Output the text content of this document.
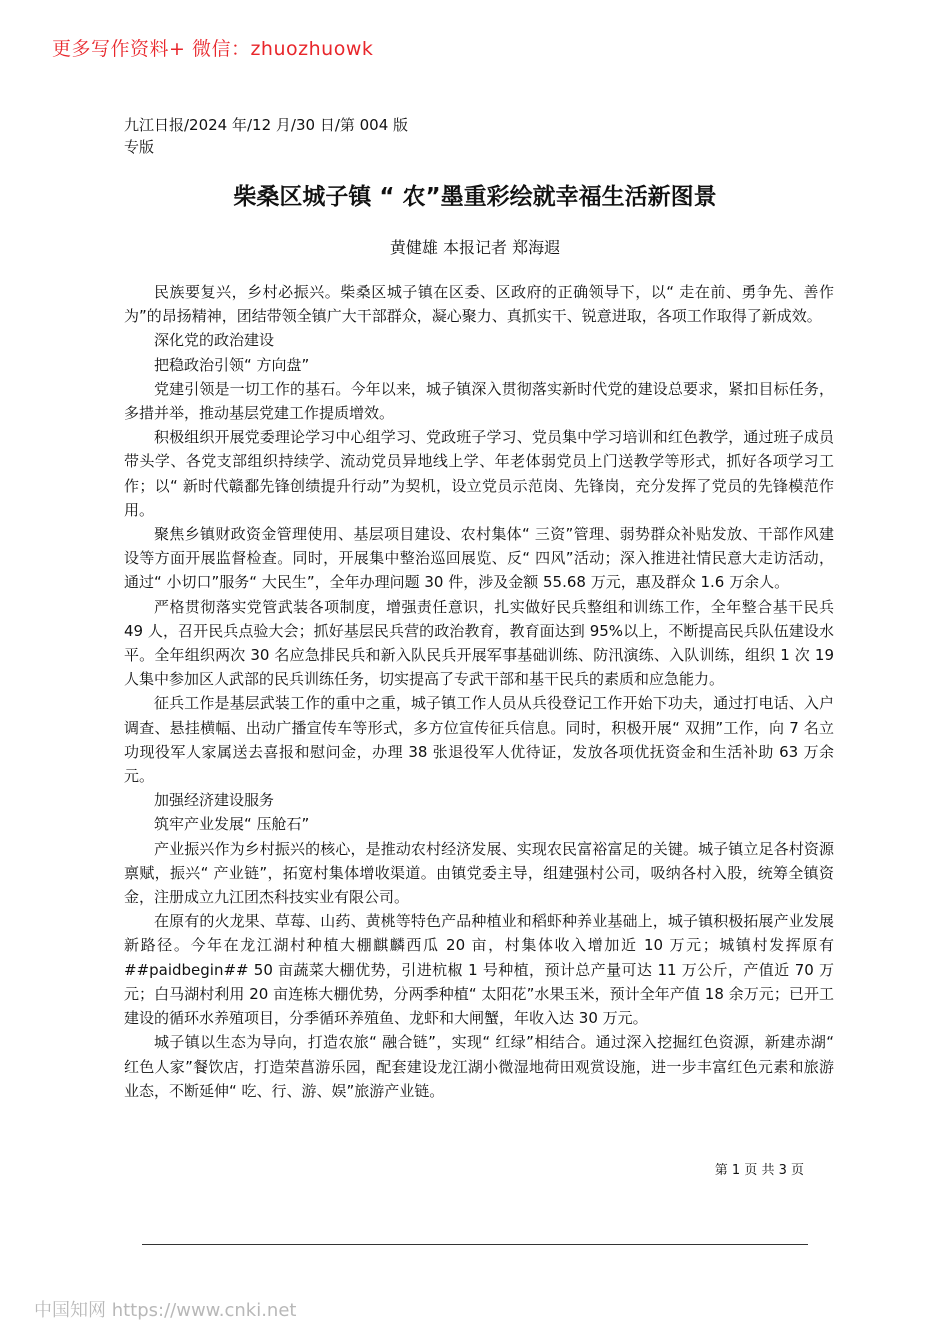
更多写作资料+ 微信：zhuozhuowk

九江日报/2024 年/12 月/30 日/第 004 版专版

柴桑区城子镇 “ 农”墨重彩绘就幸福生活新图景

黄健雄 本报记者 郑海遐

民族要复兴，乡村必振兴。柴桑区城子镇在区委、区政府的正确领导下，以“ 走在前、勇争先、善作为”的昂扬精神，团结带领全镇广大干部群众，凝心聚力、真抓实干、锐意进取，各项工作取得了新成效。

深化党的政治建设

把稳政治引领“ 方向盘”

党建引领是一切工作的基石。今年以来，城子镇深入贯彻落实新时代党的建设总要求，紧扣目标任务，多措并举，推动基层党建工作提质增效。

积极组织开展党委理论学习中心组学习、党政班子学习、党员集中学习培训和红色教学，通过班子成员带头学、各党支部组织持续学、流动党员异地线上学、年老体弱党员上门送教学等形式，抓好各项学习工作；以“ 新时代赣鄱先锋创绩提升行动”为契机，设立党员示范岗、先锋岗，充分发挥了党员的先锋模范作用。

聚焦乡镇财政资金管理使用、基层项目建设、农村集体“ 三资”管理、弱势群众补贴发放、干部作风建设等方面开展监督检查。同时，开展集中整治巡回展览、反“ 四风”活动；深入推进社情民意大走访活动，通过“ 小切口”服务“ 大民生”，全年办理问题 30 件，涉及金额 55.68 万元，惠及群众 1.6 万余人。

严格贯彻落实党管武装各项制度，增强责任意识，扎实做好民兵整组和训练工作，全年整合基干民兵 49 人，召开民兵点验大会；抓好基层民兵营的政治教育，教育面达到 95%以上，不断提高民兵队伍建设水平。全年组织两次 30 名应急排民兵和新入队民兵开展军事基础训练、防汛演练、入队训练，组织 1 次 19 人集中参加区人武部的民兵训练任务，切实提高了专武干部和基干民兵的素质和应急能力。

征兵工作是基层武装工作的重中之重，城子镇工作人员从兵役登记工作开始下功夫，通过打电话、入户调查、悬挂横幅、出动广播宣传车等形式，多方位宣传征兵信息。同时，积极开展“ 双拥”工作，向 7 名立功现役军人家属送去喜报和慰问金，办理 38 张退役军人优待证，发放各项优抚资金和生活补助 63 万余元。

加强经济建设服务

筑牢产业发展“ 压舱石”

产业振兴作为乡村振兴的核心，是推动农村经济发展、实现农民富裕富足的关键。城子镇立足各村资源禀赋，振兴“ 产业链”，拓宽村集体增收渠道。由镇党委主导，组建强村公司，吸纳各村入股，统筹全镇资金，注册成立九江团杰科技实业有限公司。

在原有的火龙果、草莓、山药、黄桃等特色产品种植业和稻虾种养业基础上，城子镇积极拓展产业发展新路径。今年在龙江湖村种植大棚麒麟西瓜 20 亩，村集体收入增加近 10 万元；城镇村发挥原有##paidbegin## 50 亩蔬菜大棚优势，引进杭椒 1 号种植，预计总产量可达 11 万公斤，产值近 70 万元；白马湖村利用 20 亩连栋大棚优势，分两季种植“ 太阳花”水果玉米，预计全年产值 18 余万元；已开工建设的循环水养殖项目，分季循环养殖鱼、龙虾和大闸蟹，年收入达 30 万元。

城子镇以生态为导向，打造农旅“ 融合链”，实现“ 红绿”相结合。通过深入挖掘红色资源，新建赤湖“ 红色人家”餐饮店，打造荣菖游乐园，配套建设龙江湖小微湿地荷田观赏设施，进一步丰富红色元素和旅游业态，不断延伸“ 吃、行、游、娱”旅游产业链。

第 1 页 共 3 页

中国知网 https://www.cnki.net
